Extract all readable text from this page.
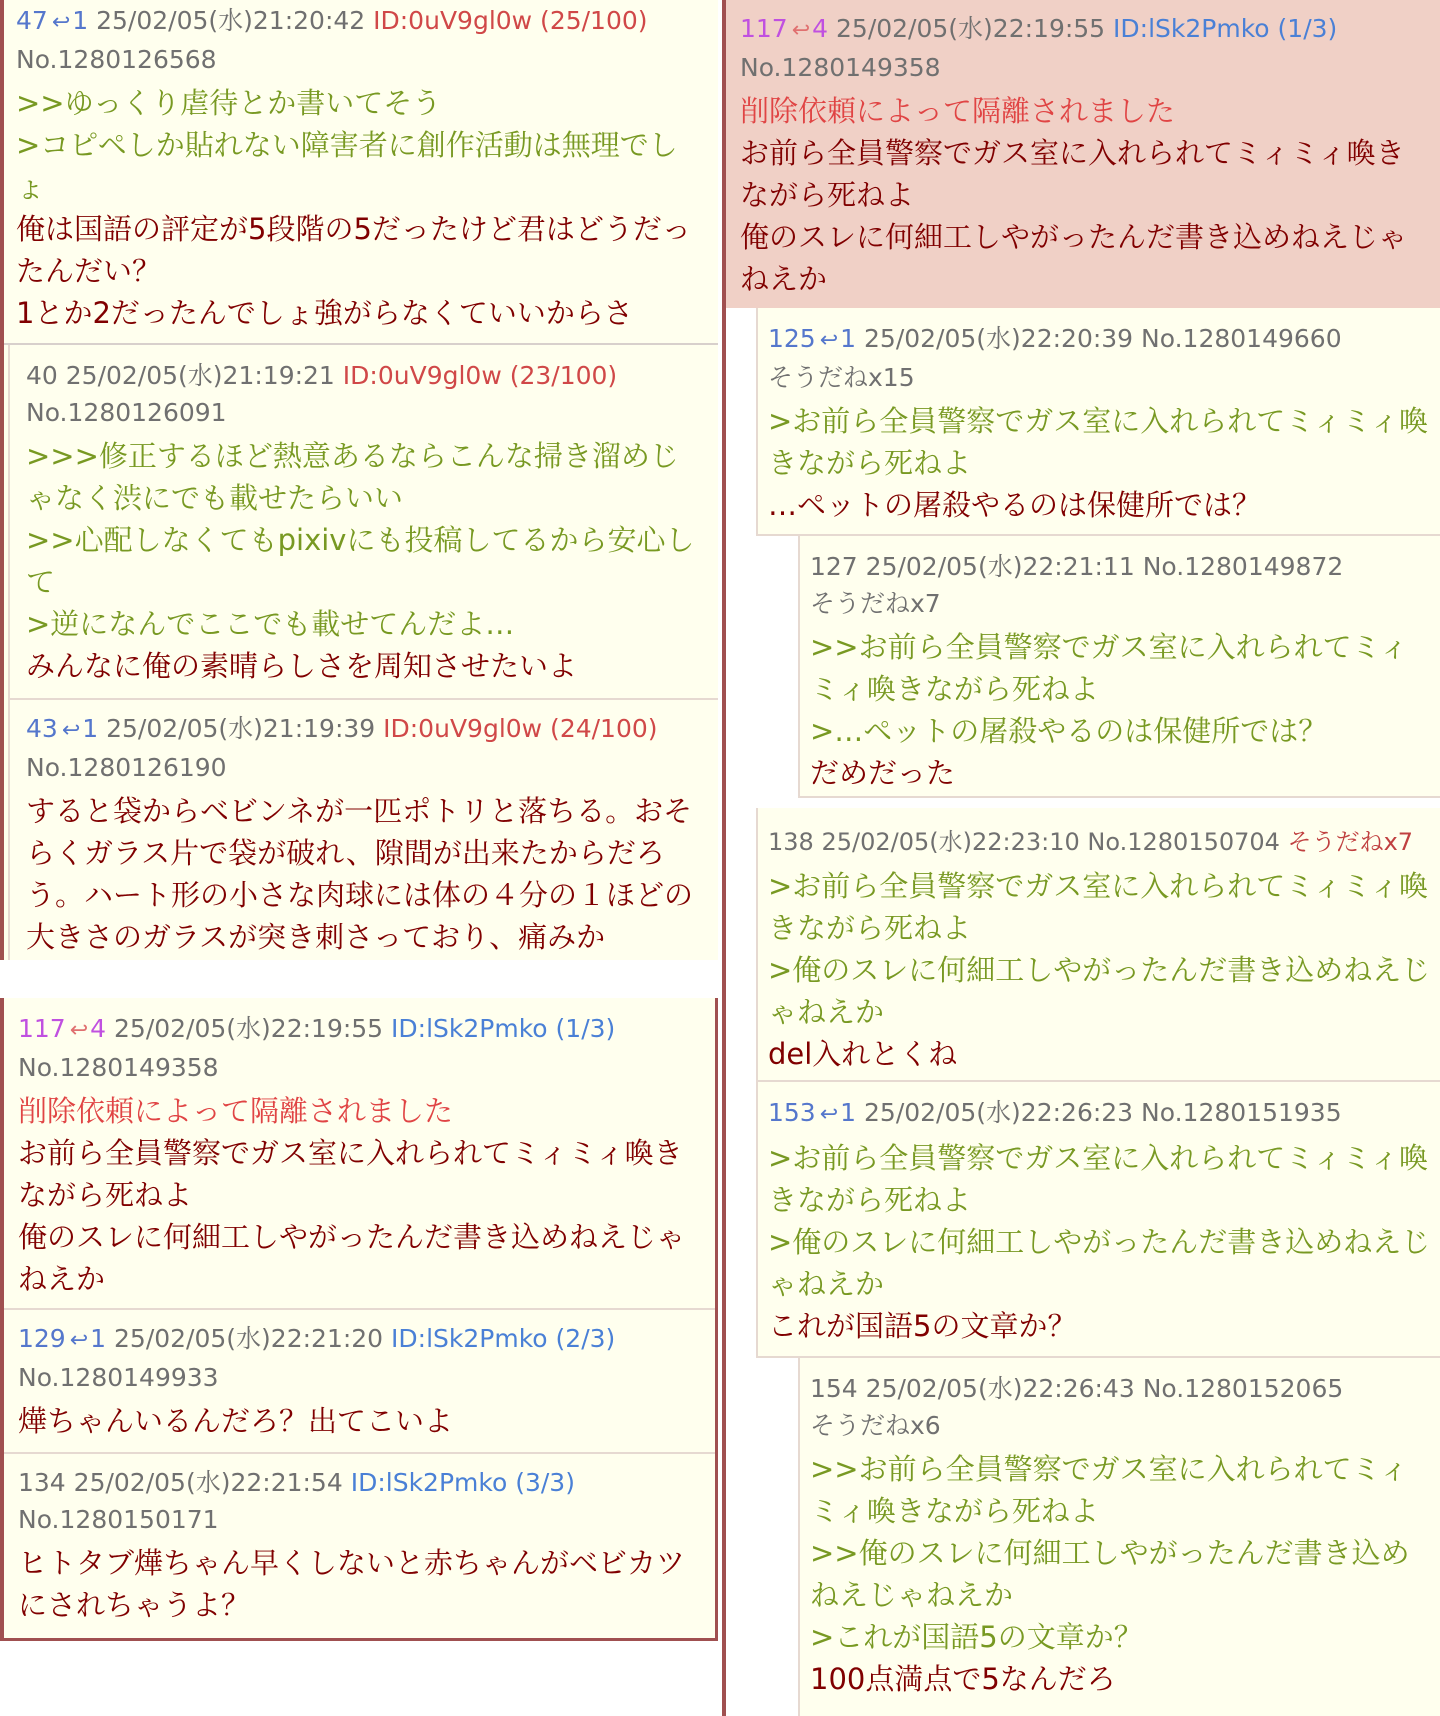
47 ↩1 25/02/05(水)21:20:42 ID:0uV9gl0w (25/100)
No.1280126568
>>ゆっくり虐待とか書いてそう
>コピペしか貼れない障害者に創作活動は無理でしょ
俺は国語の評定が5段階の5だったけど君はどうだったんだい？
1とか2だったんでしょ強がらなくていいからさ
40 25/02/05(水)21:19:21 ID:0uV9gl0w (23/100)
No.1280126091
>>>修正するほど熱意あるならこんな掃き溜めじゃなく渋にでも載せたらいい
>>心配しなくてもpixivにも投稿してるから安心して
>逆になんでここでも載せてんだよ…
みんなに俺の素晴らしさを周知させたいよ
43 ↩1 25/02/05(水)21:19:39 ID:0uV9gl0w (24/100)
No.1280126190
すると袋からベビンネが一匹ポトリと落ちる。おそらくガラス片で袋が破れ、隙間が出来たからだろう。ハート形の小さな肉球には体の４分の１ほどの大きさのガラスが突き刺さっており、痛みか
117 ↩4 25/02/05(水)22:19:55 ID:lSk2Pmko (1/3)
No.1280149358
削除依頼によって隔離されました
お前ら全員警察でガス室に入れられてミィミィ喚きながら死ねよ
俺のスレに何細工しやがったんだ書き込めねえじゃねえか
129 ↩1 25/02/05(水)22:21:20 ID:lSk2Pmko (2/3)
No.1280149933
燁ちゃんいるんだろ？出てこいよ
134 25/02/05(水)22:21:54 ID:lSk2Pmko (3/3)
No.1280150171
ヒトタブ燁ちゃん早くしないと赤ちゃんがベビカツにされちゃうよ？
117 ↩4 25/02/05(水)22:19:55 ID:lSk2Pmko (1/3)
No.1280149358
削除依頼によって隔離されました
お前ら全員警察でガス室に入れられてミィミィ喚きながら死ねよ
俺のスレに何細工しやがったんだ書き込めねえじゃねえか
125 ↩1 25/02/05(水)22:20:39 No.1280149660
そうだねx15
>お前ら全員警察でガス室に入れられてミィミィ喚きながら死ねよ
…ペットの屠殺やるのは保健所では？
127 25/02/05(水)22:21:11 No.1280149872
そうだねx7
>>お前ら全員警察でガス室に入れられてミィミィ喚きながら死ねよ
>…ペットの屠殺やるのは保健所では？
だめだった
138 25/02/05(水)22:23:10 No.1280150704 そうだねx7
>お前ら全員警察でガス室に入れられてミィミィ喚きながら死ねよ
>俺のスレに何細工しやがったんだ書き込めねえじゃねえか
del入れとくね
153 ↩1 25/02/05(水)22:26:23 No.1280151935
>お前ら全員警察でガス室に入れられてミィミィ喚きながら死ねよ
>俺のスレに何細工しやがったんだ書き込めねえじゃねえか
これが国語5の文章か？
154 25/02/05(水)22:26:43 No.1280152065
そうだねx6
>>お前ら全員警察でガス室に入れられてミィミィ喚きながら死ねよ
>>俺のスレに何細工しやがったんだ書き込めねえじゃねえか
>これが国語5の文章か？
100点満点で5なんだろ
